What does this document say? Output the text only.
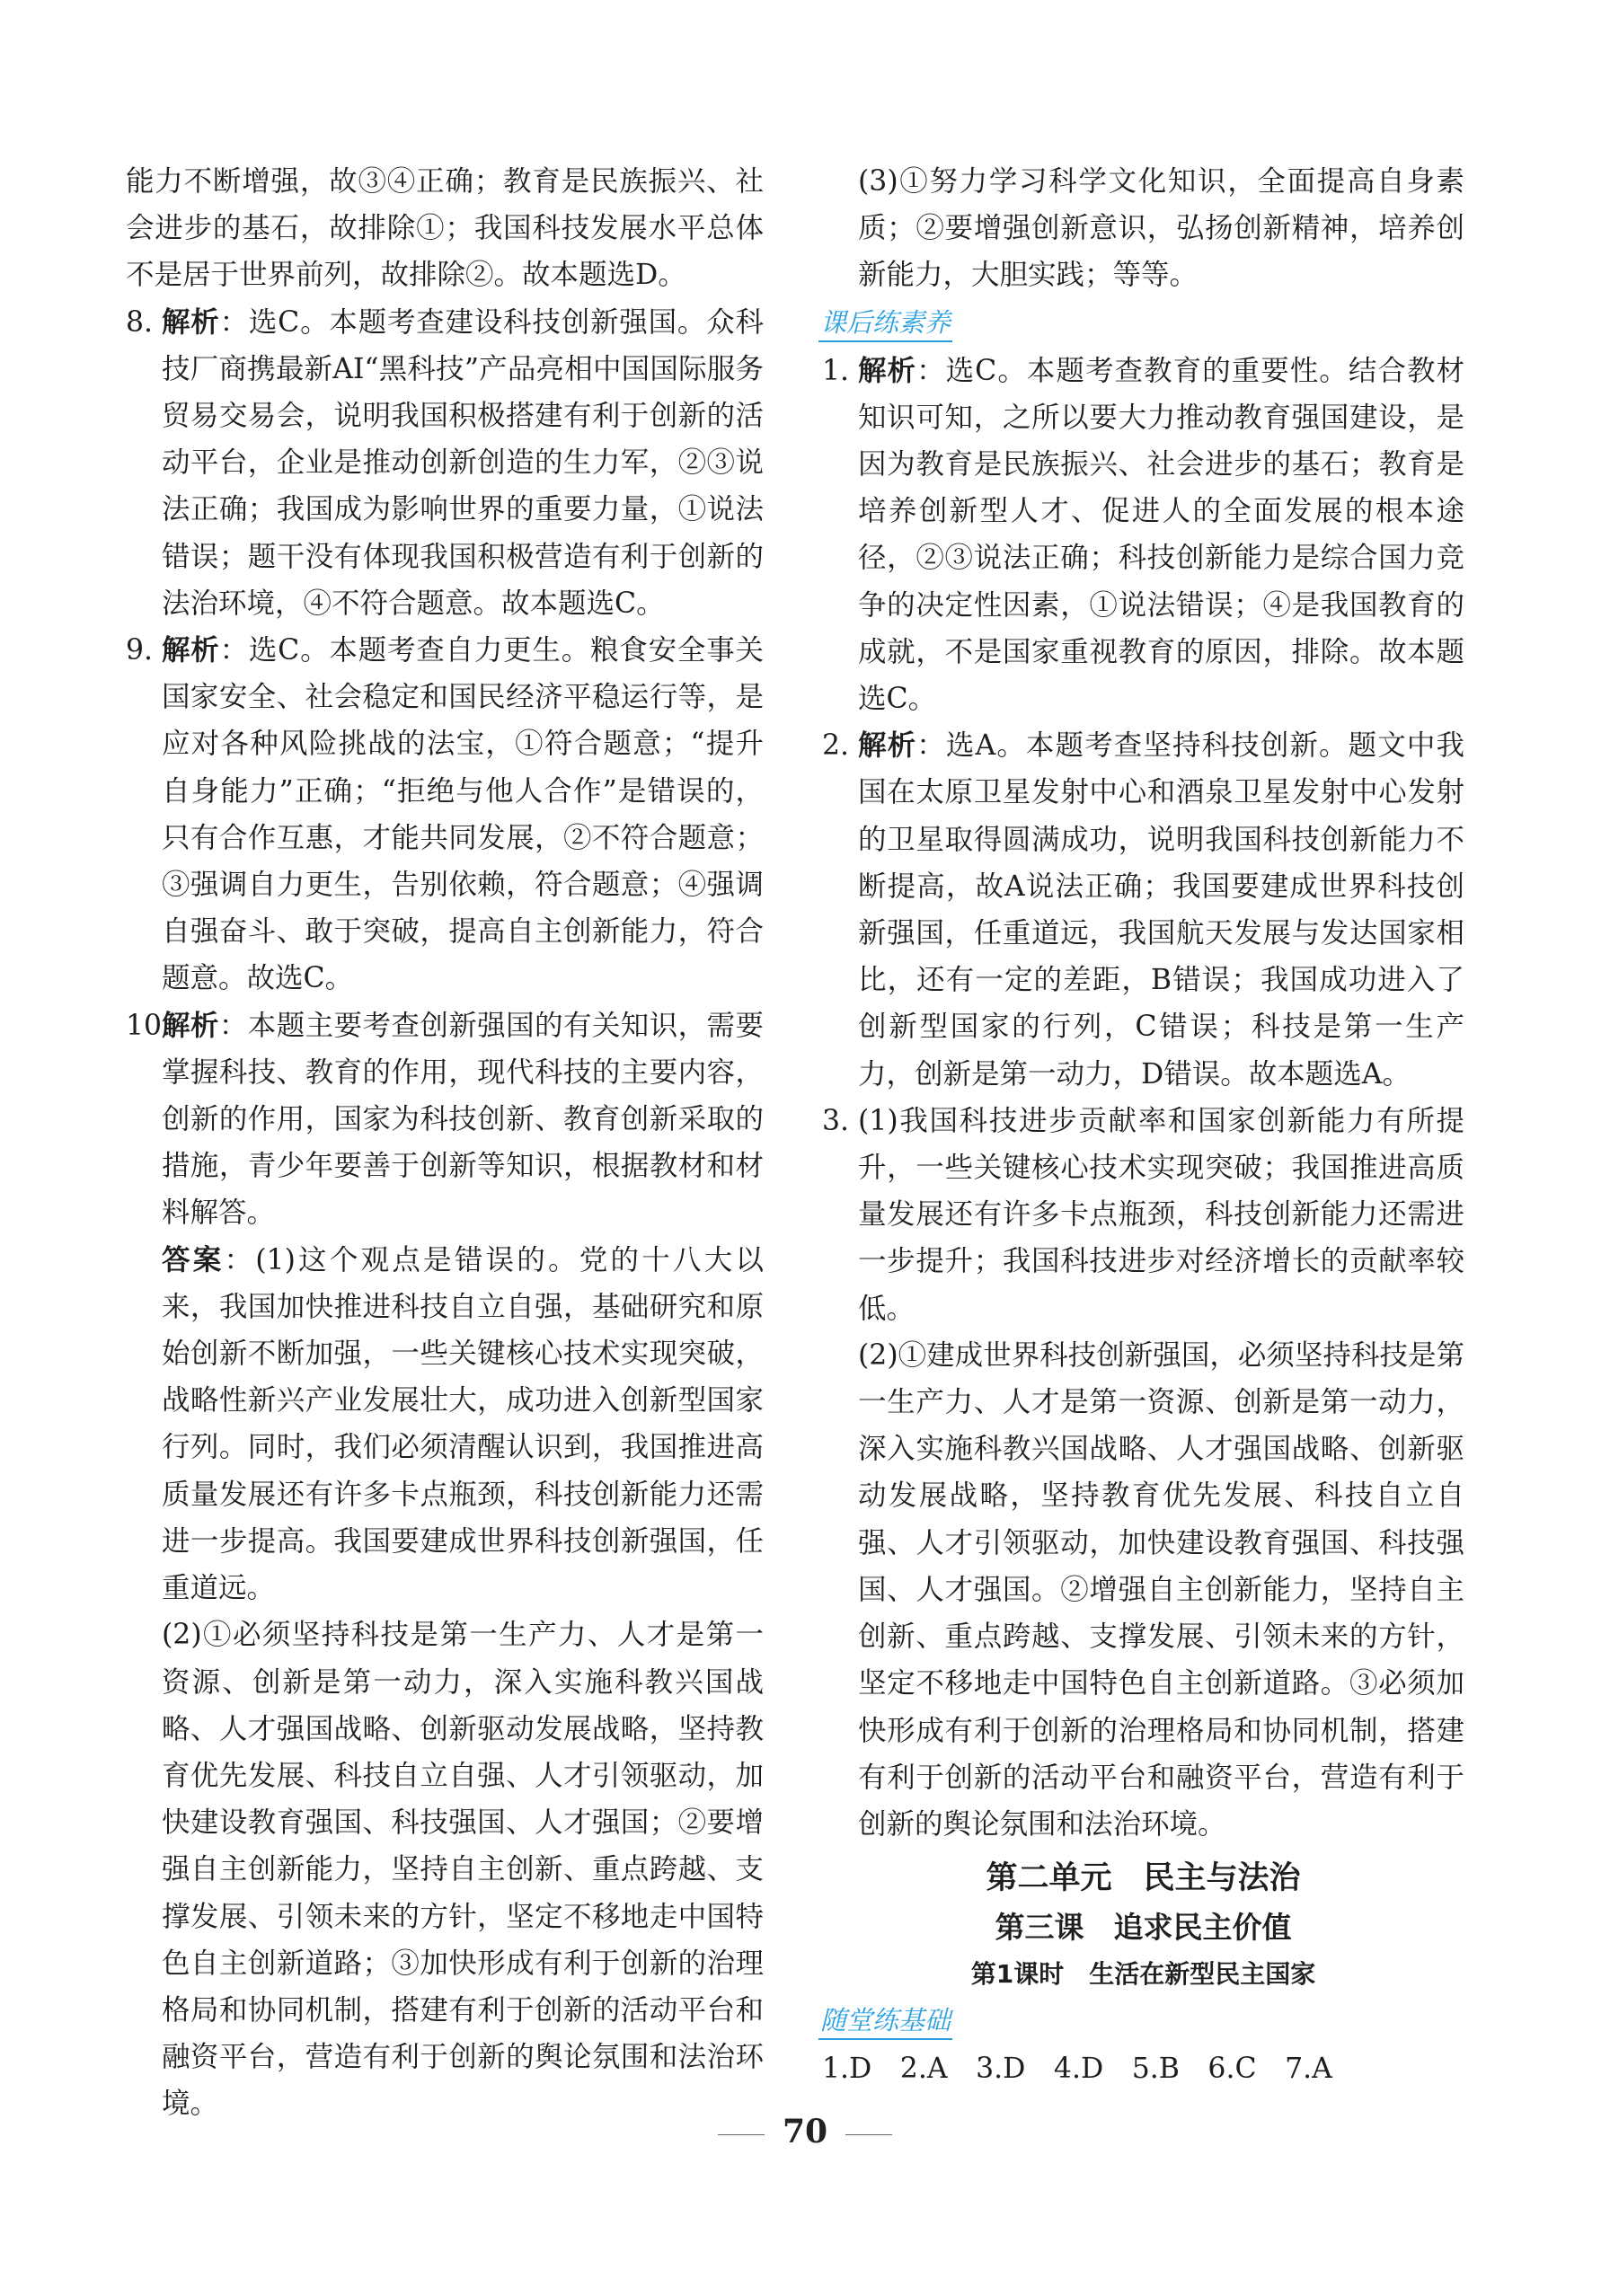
能力不断增强，故③④正确；教育是民族振兴、社会进步的基石，故排除①；我国科技发展水平总体不是居于世界前列，故排除②。故本题选D。
8. 解析：选C。本题考查建设科技创新强国。众科技厂商携最新AI“黑科技”产品亮相中国国际服务贸易交易会，说明我国积极搭建有利于创新的活动平台，企业是推动创新创造的生力军，②③说法正确；我国成为影响世界的重要力量，①说法错误；题干没有体现我国积极营造有利于创新的法治环境，④不符合题意。故本题选C。
9. 解析：选C。本题考查自力更生。粮食安全事关国家安全、社会稳定和国民经济平稳运行等，是应对各种风险挑战的法宝，①符合题意；“提升自身能力”正确；“拒绝与他人合作”是错误的，只有合作互惠，才能共同发展，②不符合题意；③强调自力更生，告别依赖，符合题意；④强调自强奋斗、敢于突破，提高自主创新能力，符合题意。故选C。
10.
解析：本题主要考查创新强国的有关知识，需要掌握科技、教育的作用，现代科技的主要内容，创新的作用，国家为科技创新、教育创新采取的措施，青少年要善于创新等知识，根据教材和材料解答。
答案：(1)这个观点是错误的。党的十八大以来，我国加快推进科技自立自强，基础研究和原始创新不断加强，一些关键核心技术实现突破，战略性新兴产业发展壮大，成功进入创新型国家行列。同时，我们必须清醒认识到，我国推进高质量发展还有许多卡点瓶颈，科技创新能力还需进一步提高。我国要建成世界科技创新强国，任重道远。
(2)①必须坚持科技是第一生产力、人才是第一资源、创新是第一动力，深入实施科教兴国战略、人才强国战略、创新驱动发展战略，坚持教育优先发展、科技自立自强、人才引领驱动，加快建设教育强国、科技强国、人才强国；②要增强自主创新能力，坚持自主创新、重点跨越、支撑发展、引领未来的方针，坚定不移地走中国特色自主创新道路；③加快形成有利于创新的治理格局和协同机制，搭建有利于创新的活动平台和融资平台，营造有利于创新的舆论氛围和法治环境。
(3)①努力学习科学文化知识，全面提高自身素质；②要增强创新意识，弘扬创新精神，培养创新能力，大胆实践；等等。
课后练素养
1. 解析：选C。本题考查教育的重要性。结合教材知识可知，之所以要大力推动教育强国建设，是因为教育是民族振兴、社会进步的基石；教育是培养创新型人才、促进人的全面发展的根本途径，②③说法正确；科技创新能力是综合国力竞争的决定性因素，①说法错误；④是我国教育的成就，不是国家重视教育的原因，排除。故本题选C。
2. 解析：选A。本题考查坚持科技创新。题文中我国在太原卫星发射中心和酒泉卫星发射中心发射的卫星取得圆满成功，说明我国科技创新能力不断提高，故A说法正确；我国要建成世界科技创新强国，任重道远，我国航天发展与发达国家相比，还有一定的差距，B错误；我国成功进入了创新型国家的行列，C错误；科技是第一生产力，创新是第一动力，D错误。故本题选A。
3. (1)我国科技进步贡献率和国家创新能力有所提升，一些关键核心技术实现突破；我国推进高质量发展还有许多卡点瓶颈，科技创新能力还需进一步提升；我国科技进步对经济增长的贡献率较低。
(2)①建成世界科技创新强国，必须坚持科技是第一生产力、人才是第一资源、创新是第一动力，深入实施科教兴国战略、人才强国战略、创新驱动发展战略，坚持教育优先发展、科技自立自强、人才引领驱动，加快建设教育强国、科技强国、人才强国。②增强自主创新能力，坚持自主创新、重点跨越、支撑发展、引领未来的方针，坚定不移地走中国特色自主创新道路。③必须加快形成有利于创新的治理格局和协同机制，搭建有利于创新的活动平台和融资平台，营造有利于创新的舆论氛围和法治环境。
第二单元　民主与法治
第三课　追求民主价值
第1课时　生活在新型民主国家
随堂练基础
1.D　2.A　3.D　4.D　5.B　6.C　7.A
70
